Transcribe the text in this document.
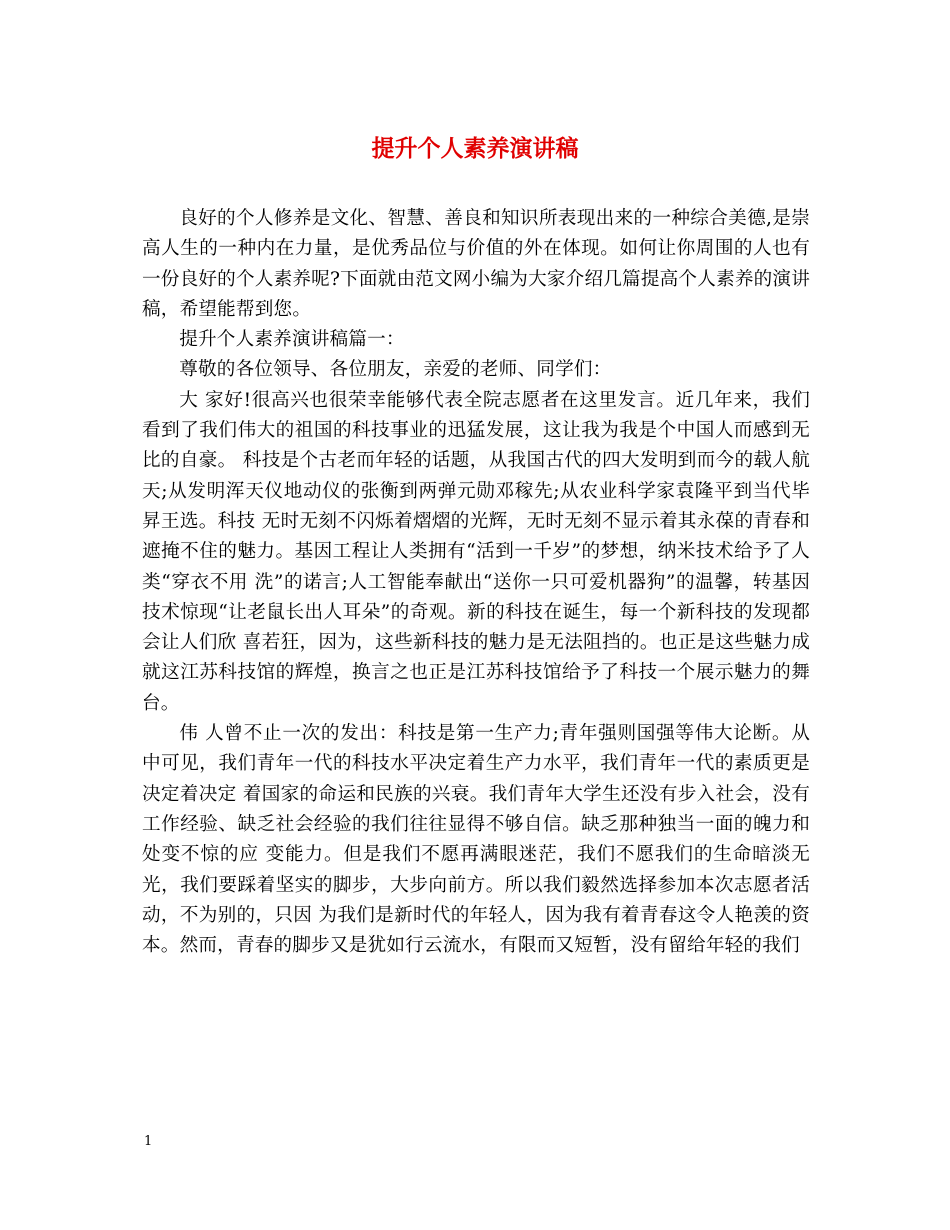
提升个人素养演讲稿

良好的个人修养是文化、智慧、善良和知识所表现出来的一种综合美德,是崇高人生的一种内在力量，是优秀品位与价值的外在体现。如何让你周围的人也有一份良好的个人素养呢?下面就由范文网小编为大家介绍几篇提高个人素养的演讲稿，希望能帮到您。

提升个人素养演讲稿篇一：

尊敬的各位领导、各位朋友，亲爱的老师、同学们：

大 家好!很高兴也很荣幸能够代表全院志愿者在这里发言。近几年来，我们看到了我们伟大的祖国的科技事业的迅猛发展，这让我为我是个中国人而感到无比的自豪。 科技是个古老而年轻的话题，从我国古代的四大发明到而今的载人航天;从发明浑天仪地动仪的张衡到两弹元勋邓稼先;从农业科学家袁隆平到当代毕昇王选。科技 无时无刻不闪烁着熠熠的光辉，无时无刻不显示着其永葆的青春和遮掩不住的魅力。基因工程让人类拥有“活到一千岁”的梦想，纳米技术给予了人类“穿衣不用 洗”的诺言;人工智能奉献出“送你一只可爱机器狗”的温馨，转基因技术惊现“让老鼠长出人耳朵”的奇观。新的科技在诞生，每一个新科技的发现都会让人们欣 喜若狂，因为，这些新科技的魅力是无法阻挡的。也正是这些魅力成就这江苏科技馆的辉煌，换言之也正是江苏科技馆给予了科技一个展示魅力的舞台。

伟 人曾不止一次的发出：科技是第一生产力;青年强则国强等伟大论断。从中可见，我们青年一代的科技水平决定着生产力水平，我们青年一代的素质更是决定着决定 着国家的命运和民族的兴衰。我们青年大学生还没有步入社会，没有工作经验、缺乏社会经验的我们往往显得不够自信。缺乏那种独当一面的魄力和处变不惊的应 变能力。但是我们不愿再满眼迷茫，我们不愿我们的生命暗淡无光，我们要踩着坚实的脚步，大步向前方。所以我们毅然选择参加本次志愿者活动，不为别的，只因 为我们是新时代的年轻人，因为我有着青春这令人艳羡的资本。然而，青春的脚步又是犹如行云流水，有限而又短暂，没有留给年轻的我们

1
